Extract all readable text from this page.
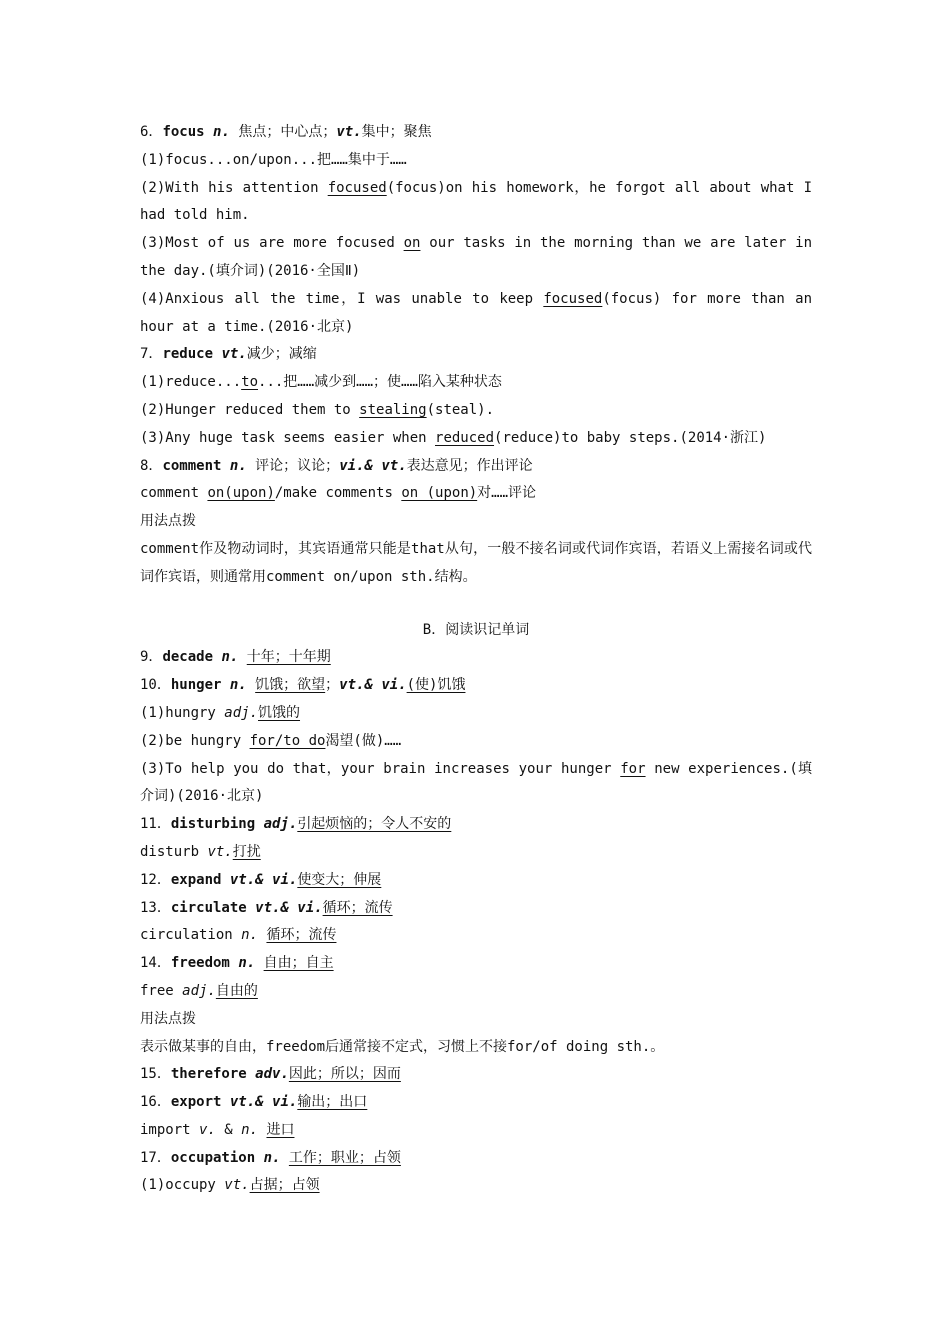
6．focus n. 焦点；中心点；vt.集中；聚焦
(1)focus...on/upon...把……集中于……
(2)With his attention focused(focus)on his homework，he forgot all about what I had told him.
(3)Most of us are more focused on our tasks in the morning than we are later in the day.(填介词)(2016·全国Ⅱ)
(4)Anxious all the time，I was unable to keep focused(focus) for more than an hour at a time.(2016·北京)
7．reduce vt.减少；减缩
(1)reduce...to...把……减少到……；使……陷入某种状态
(2)Hunger reduced them to stealing(steal).
(3)Any huge task seems easier when reduced(reduce)to baby steps.(2014·浙江)
8．comment n. 评论；议论；vi.& vt.表达意见；作出评论
comment on(upon)/make comments on (upon)对……评论
用法点拨
comment作及物动词时，其宾语通常只能是that从句，一般不接名词或代词作宾语，若语义上需接名词或代词作宾语，则通常用comment on/upon sth.结构。
B．阅读识记单词
9．decade n. 十年；十年期
10．hunger n. 饥饿；欲望；vt.& vi.(使)饥饿
(1)hungry adj.饥饿的
(2)be hungry for/to do渴望(做)……
(3)To help you do that，your brain increases your hunger for new experiences.(填介词)(2016·北京)
11．disturbing adj.引起烦恼的；令人不安的
disturb vt.打扰
12．expand vt.& vi.使变大；伸展
13．circulate vt.& vi.循环；流传
circulation n. 循环；流传
14．freedom n. 自由；自主
free adj.自由的
用法点拨
表示做某事的自由，freedom后通常接不定式，习惯上不接for/of doing sth.。
15．therefore adv.因此；所以；因而
16．export vt.& vi.输出；出口
import v. & n. 进口
17．occupation n. 工作；职业；占领
(1)occupy vt.占据；占领
